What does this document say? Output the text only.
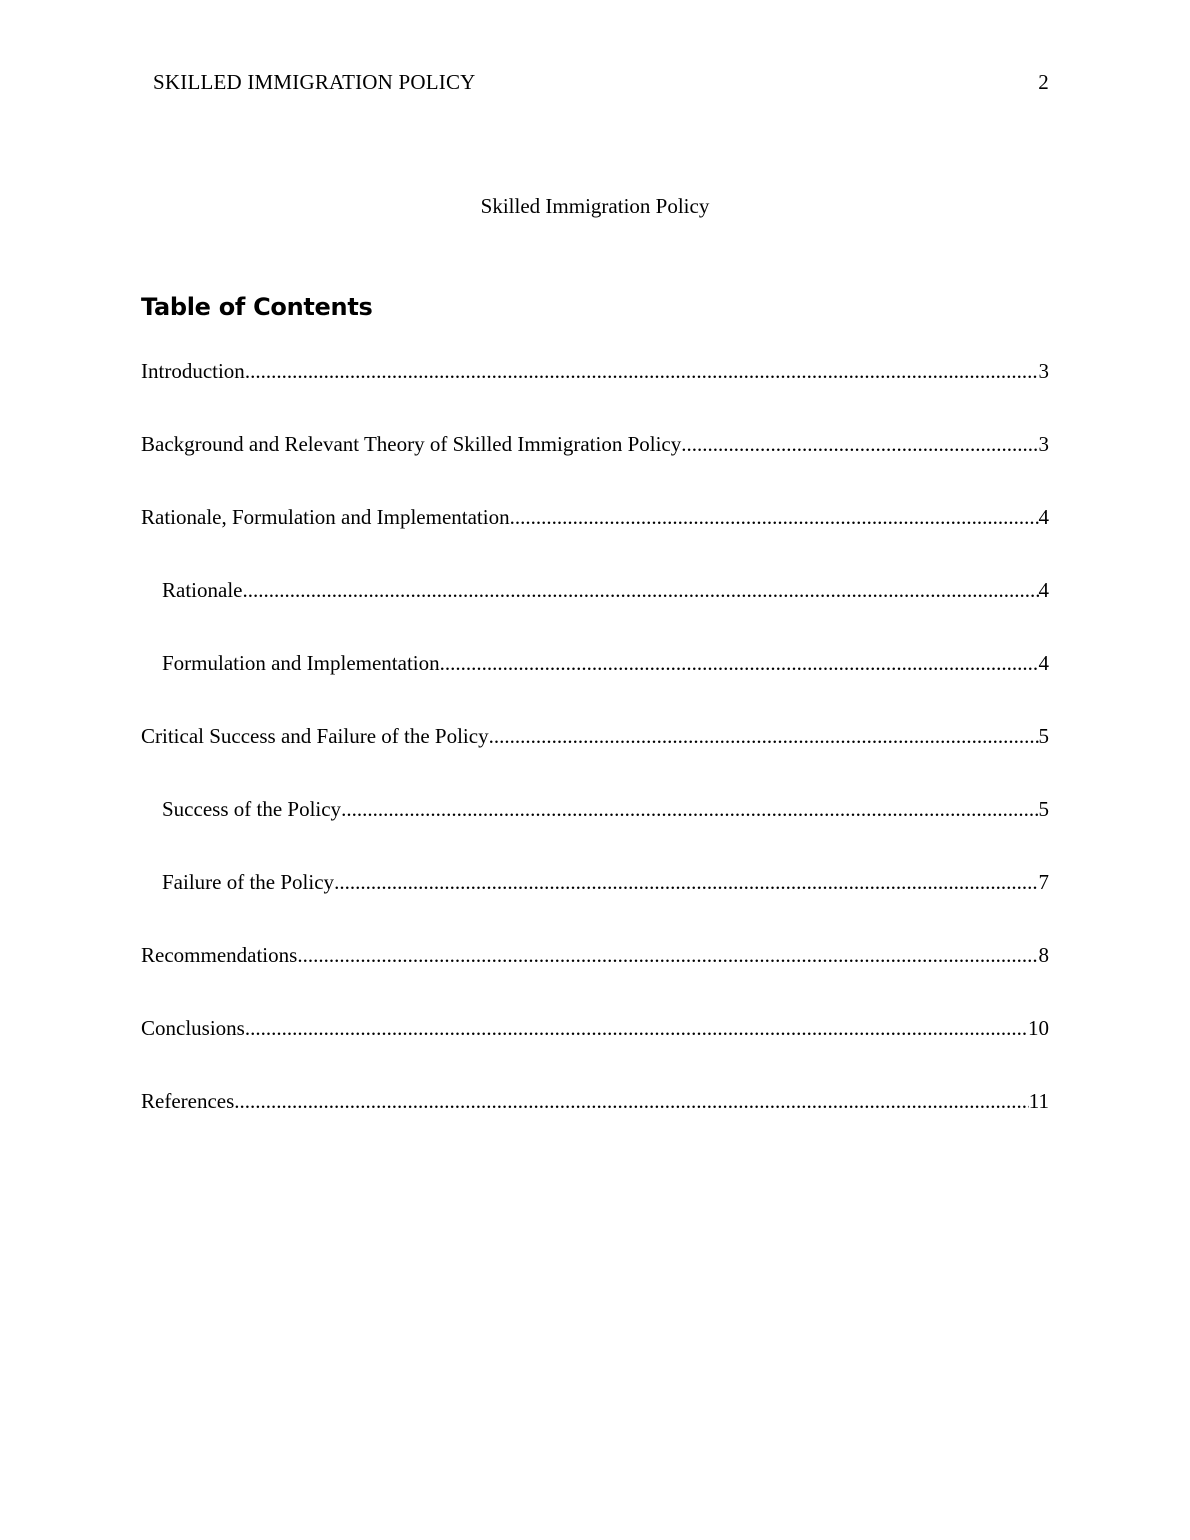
SKILLED IMMIGRATION POLICY	2
Skilled Immigration Policy
Table of Contents
Introduction .....	3
Background and Relevant Theory of Skilled Immigration Policy .....	3
Rationale, Formulation and Implementation .....	4
Rationale .....	4
Formulation and Implementation .....	4
Critical Success and Failure of the Policy .....	5
Success of the Policy .....	5
Failure of the Policy .....	7
Recommendations .....	8
Conclusions .....	10
References .....	11
